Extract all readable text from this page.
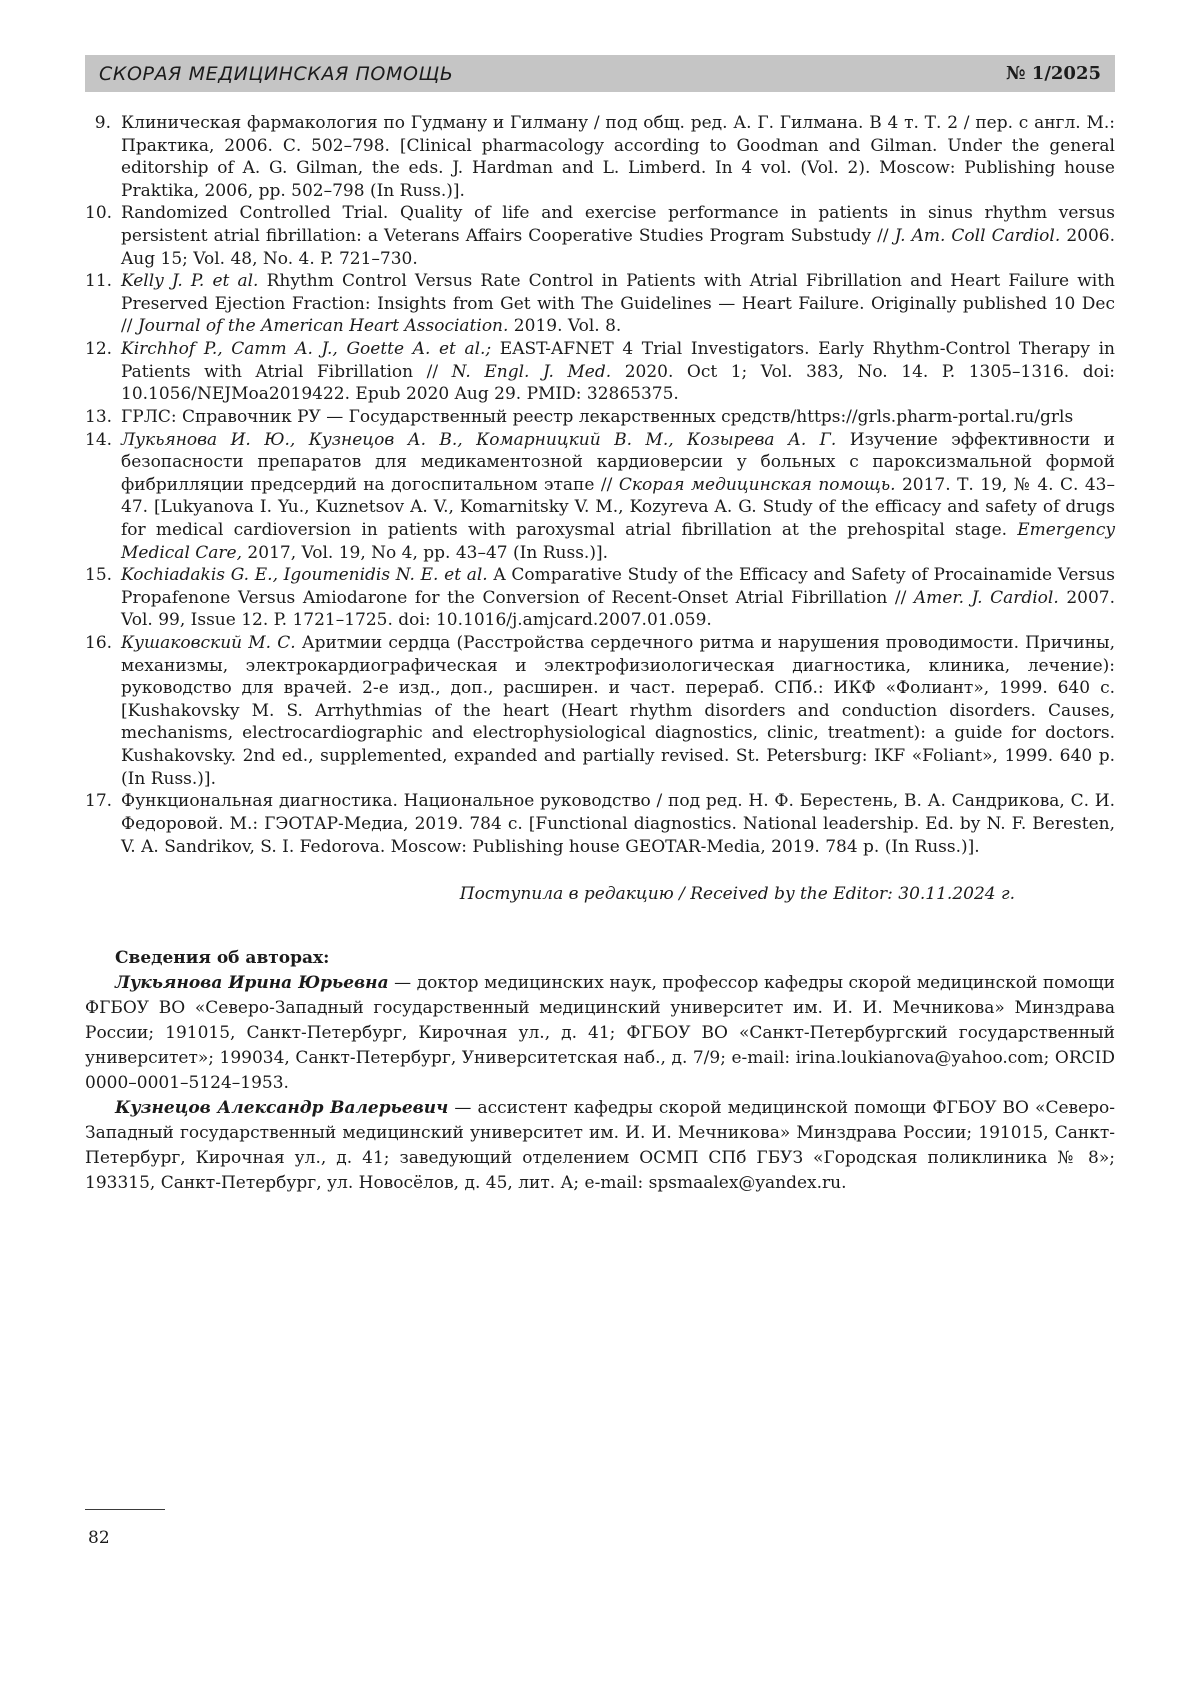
СКОРАЯ МЕДИЦИНСКАЯ ПОМОЩЬ	№ 1/2025
9. Клиническая фармакология по Гудману и Гилману / под общ. ред. А. Г. Гилмана. В 4 т. Т. 2 / пер. с англ. М.: Практика, 2006. С. 502–798. [Clinical pharmacology according to Goodman and Gilman. Under the general editorship of A. G. Gilman, the eds. J. Hardman and L. Limberd. In 4 vol. (Vol. 2). Moscow: Publishing house Praktika, 2006, pp. 502–798 (In Russ.)].
10. Randomized Controlled Trial. Quality of life and exercise performance in patients in sinus rhythm versus persistent atrial fibrillation: a Veterans Affairs Cooperative Studies Program Substudy // J. Am. Coll Cardiol. 2006. Aug 15; Vol. 48, No. 4. P. 721–730.
11. Kelly J. P. et al. Rhythm Control Versus Rate Control in Patients with Atrial Fibrillation and Heart Failure with Preserved Ejection Fraction: Insights from Get with The Guidelines — Heart Failure. Originally published 10 Dec // Journal of the American Heart Association. 2019. Vol. 8.
12. Kirchhof P., Camm A. J., Goette A. et al.; EAST-AFNET 4 Trial Investigators. Early Rhythm-Control Therapy in Patients with Atrial Fibrillation // N. Engl. J. Med. 2020. Oct 1; Vol. 383, No. 14. P. 1305–1316. doi: 10.1056/NEJMoa2019422. Epub 2020 Aug 29. PMID: 32865375.
13. ГРЛС: Справочник РУ — Государственный реестр лекарственных средств/https://grls.pharm-portal.ru/grls
14. Лукьянова И. Ю., Кузнецов А. В., Комарницкий В. М., Козырева А. Г. Изучение эффективности и безопасности препаратов для медикаментозной кардиоверсии у больных с пароксизмальной формой фибрилляции предсердий на догоспитальном этапе // Скорая медицинская помощь. 2017. Т. 19, № 4. С. 43–47. [Lukyanova I. Yu., Kuznetsov A. V., Komarnitsky V. M., Kozyreva A. G. Study of the efficacy and safety of drugs for medical cardioversion in patients with paroxysmal atrial fibrillation at the prehospital stage. Emergency Medical Care, 2017, Vol. 19, No 4, pp. 43–47 (In Russ.)].
15. Kochiadakis G. E., Igoumenidis N. E. et al. A Comparative Study of the Efficacy and Safety of Procainamide Versus Propafenone Versus Amiodarone for the Conversion of Recent-Onset Atrial Fibrillation // Amer. J. Cardiol. 2007. Vol. 99, Issue 12. P. 1721–1725. doi: 10.1016/j.amjcard.2007.01.059.
16. Кушаковский М. С. Аритмии сердца (Расстройства сердечного ритма и нарушения проводимости. Причины, механизмы, электрокардиографическая и электрофизиологическая диагностика, клиника, лечение): руководство для врачей. 2-е изд., доп., расширен. и част. перераб. СПб.: ИКФ «Фолиант», 1999. 640 с. [Kushakovsky M. S. Arrhythmias of the heart (Heart rhythm disorders and conduction disorders. Causes, mechanisms, electrocardiographic and electrophysiological diagnostics, clinic, treatment): a guide for doctors. Kushakovsky. 2nd ed., supplemented, expanded and partially revised. St. Petersburg: IKF «Foliant», 1999. 640 p. (In Russ.)].
17. Функциональная диагностика. Национальное руководство / под ред. Н. Ф. Берестень, В. А. Сандрикова, С. И. Федоровой. М.: ГЭОТАР-Медиа, 2019. 784 с. [Functional diagnostics. National leadership. Ed. by N. F. Beresten, V. A. Sandrikov, S. I. Fedorova. Moscow: Publishing house GEOTAR-Media, 2019. 784 p. (In Russ.)].

Поступила в редакцию / Received by the Editor: 30.11.2024 г.

Сведения об авторах:

Лукьянова Ирина Юрьевна — доктор медицинских наук, профессор кафедры скорой медицинской помощи ФГБОУ ВО «Северо-Западный государственный медицинский университет им. И. И. Мечникова» Минздрава России; 191015, Санкт-Петербург, Кирочная ул., д. 41; ФГБОУ ВО «Санкт-Петербургский государственный университет»; 199034, Санкт-Петербург, Университетская наб., д. 7/9; e-mail: irina.loukianova@yahoo.com; ORCID 0000–0001–5124–1953.

Кузнецов Александр Валерьевич — ассистент кафедры скорой медицинской помощи ФГБОУ ВО «Северо-Западный государственный медицинский университет им. И. И. Мечникова» Минздрава России; 191015, Санкт-Петербург, Кирочная ул., д. 41; заведующий отделением ОСМП СПб ГБУЗ «Городская поликлиника № 8»; 193315, Санкт-Петербург, ул. Новосёлов, д. 45, лит. А; e-mail: spsmaalex@yandex.ru.

82
